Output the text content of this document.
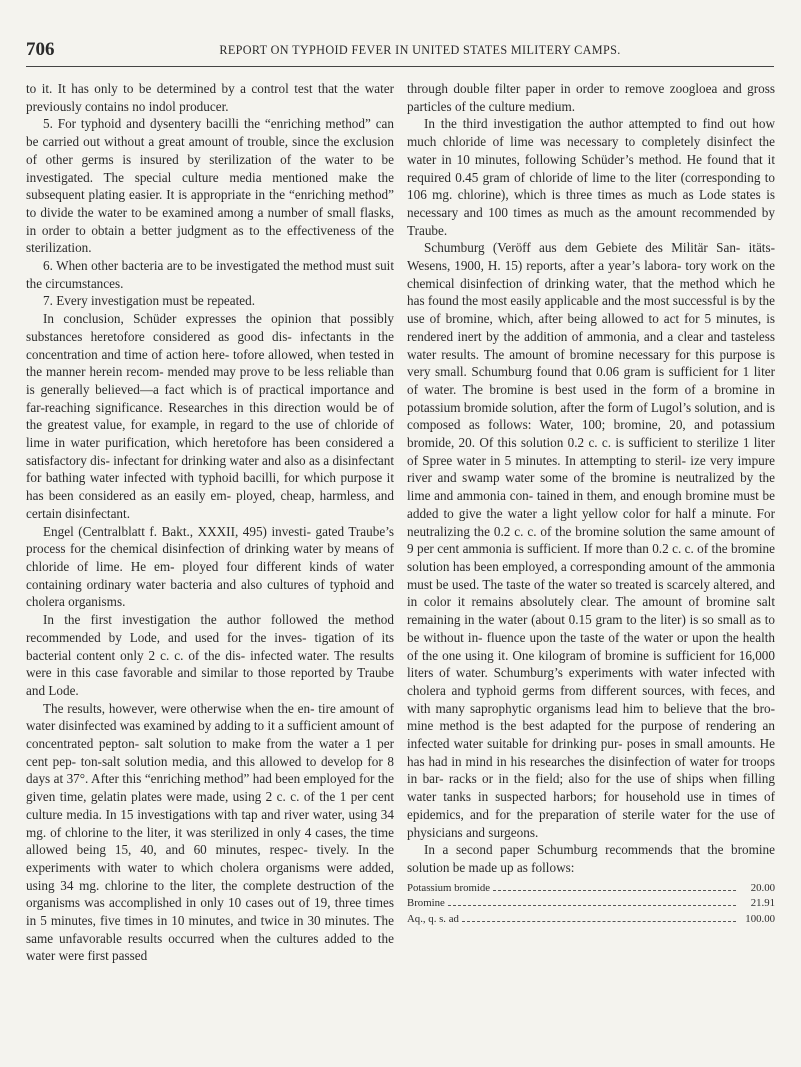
706	REPORT ON TYPHOID FEVER IN UNITED STATES MILITERY CAMPS.

to it. It has only to be determined by a control test that the water previously contains no indol producer.

5. For typhoid and dysentery bacilli the “enriching method” can be carried out without a great amount of trouble, since the exclusion of other germs is insured by sterilization of the water to be investigated. The special culture media mentioned make the subsequent plating easier. It is appropriate in the “enriching method” to divide the water to be examined among a number of small flasks, in order to obtain a better judgment as to the effectiveness of the sterilization.

6. When other bacteria are to be investigated the method must suit the circumstances.

7. Every investigation must be repeated.

In conclusion, Schüder expresses the opinion that possibly substances heretofore considered as good dis- infectants in the concentration and time of action here- tofore allowed, when tested in the manner herein recom- mended may prove to be less reliable than is generally believed—a fact which is of practical importance and far-reaching significance. Researches in this direction would be of the greatest value, for example, in regard to the use of chloride of lime in water purification, which heretofore has been considered a satisfactory dis- infectant for drinking water and also as a disinfectant for bathing water infected with typhoid bacilli, for which purpose it has been considered as an easily em- ployed, cheap, harmless, and certain disinfectant.

Engel (Centralblatt f. Bakt., XXXII, 495) investi- gated Traube’s process for the chemical disinfection of drinking water by means of chloride of lime. He em- ployed four different kinds of water containing ordinary water bacteria and also cultures of typhoid and cholera organisms.

In the first investigation the author followed the method recommended by Lode, and used for the inves- tigation of its bacterial content only 2 c. c. of the dis- infected water. The results were in this case favorable and similar to those reported by Traube and Lode.

The results, however, were otherwise when the en- tire amount of water disinfected was examined by adding to it a sufficient amount of concentrated pepton- salt solution to make from the water a 1 per cent pep- ton-salt solution media, and this allowed to develop for 8 days at 37°. After this “enriching method” had been employed for the given time, gelatin plates were made, using 2 c. c. of the 1 per cent culture media. In 15 investigations with tap and river water, using 34 mg. of chlorine to the liter, it was sterilized in only 4 cases, the time allowed being 15, 40, and 60 minutes, respec- tively. In the experiments with water to which cholera organisms were added, using 34 mg. chlorine to the liter, the complete destruction of the organisms was accomplished in only 10 cases out of 19, three times in 5 minutes, five times in 10 minutes, and twice in 30 minutes. The same unfavorable results occurred when the cultures added to the water were first passed

through double filter paper in order to remove zoogloea and gross particles of the culture medium.

In the third investigation the author attempted to find out how much chloride of lime was necessary to completely disinfect the water in 10 minutes, following Schüder’s method. He found that it required 0.45 gram of chloride of lime to the liter (corresponding to 106 mg. chlorine), which is three times as much as Lode states is necessary and 100 times as much as the amount recommended by Traube.

Schumburg (Veröff aus dem Gebiete des Militär San- itäts-Wesens, 1900, H. 15) reports, after a year’s labora- tory work on the chemical disinfection of drinking water, that the method which he has found the most easily applicable and the most successful is by the use of bromine, which, after being allowed to act for 5 minutes, is rendered inert by the addition of ammonia, and a clear and tasteless water results. The amount of bromine necessary for this purpose is very small. Schumburg found that 0.06 gram is sufficient for 1 liter of water. The bromine is best used in the form of a bromine in potassium bromide solution, after the form of Lugol’s solution, and is composed as follows: Water, 100; bromine, 20, and potassium bromide, 20. Of this solution 0.2 c. c. is sufficient to sterilize 1 liter of Spree water in 5 minutes. In attempting to steril- ize very impure river and swamp water some of the bromine is neutralized by the lime and ammonia con- tained in them, and enough bromine must be added to give the water a light yellow color for half a minute. For neutralizing the 0.2 c. c. of the bromine solution the same amount of 9 per cent ammonia is sufficient. If more than 0.2 c. c. of the bromine solution has been employed, a corresponding amount of the ammonia must be used. The taste of the water so treated is scarcely altered, and in color it remains absolutely clear. The amount of bromine salt remaining in the water (about 0.15 gram to the liter) is so small as to be without in- fluence upon the taste of the water or upon the health of the one using it. One kilogram of bromine is sufficient for 16,000 liters of water. Schumburg’s experiments with water infected with cholera and typhoid germs from different sources, with feces, and with many saprophytic organisms lead him to believe that the bro- mine method is the best adapted for the purpose of rendering an infected water suitable for drinking pur- poses in small amounts. He has had in mind in his researches the disinfection of water for troops in bar- racks or in the field; also for the use of ships when filling water tanks in suspected harbors; for household use in times of epidemics, and for the preparation of sterile water for the use of physicians and surgeons.

In a second paper Schumburg recommends that the bromine solution be made up as follows:

Potassium bromide	20.00
Bromine	21.91
Aq., q. s. ad	100.00
